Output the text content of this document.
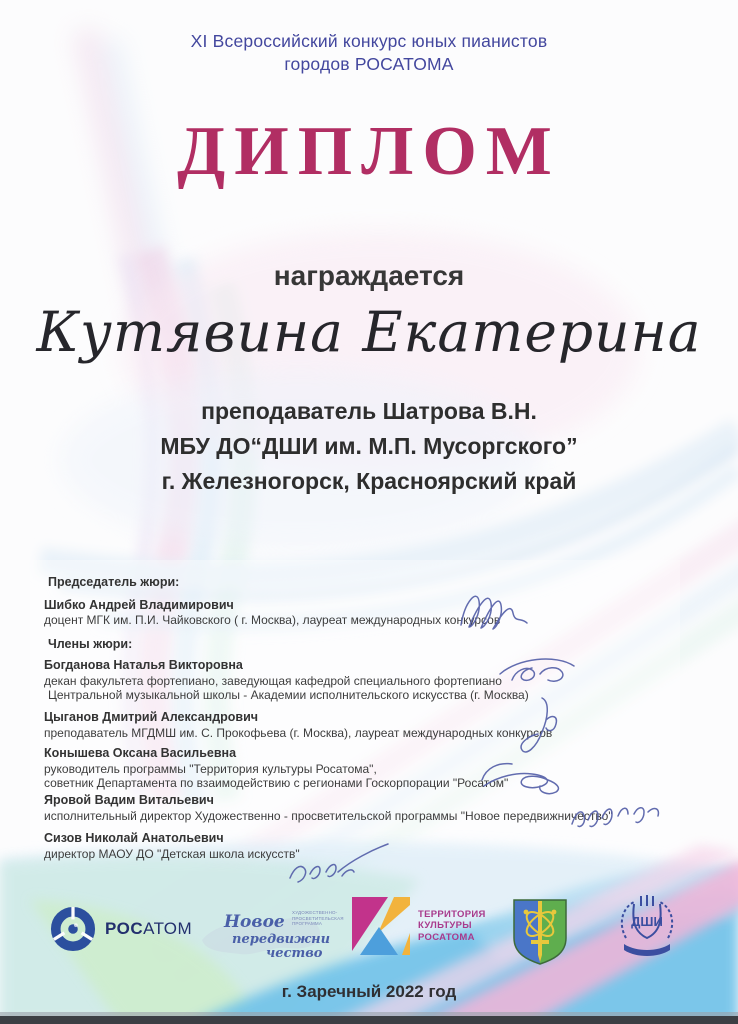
XI Всероссийский конкурс юных пианистов
городов РОСАТОМА
ДИПЛОМ
награждается
Кутявина Екатерина
преподаватель Шатрова В.Н.
МБУ ДО“ДШИ им. М.П. Мусоргского”
г. Железногорск, Красноярский край
Председатель жюри:
Шибко Андрей Владимирович
доцент МГК им. П.И. Чайковского ( г. Москва), лауреат международных конкурсов
Члены жюри:
Богданова Наталья Викторовна
декан факультета фортепиано, заведующая кафедрой специального фортепиано
Центральной музыкальной школы - Академии исполнительского искусства (г. Москва)
Цыганов Дмитрий Александрович
преподаватель МГДМШ им. С. Прокофьева (г. Москва), лауреат международных конкурсов
Конышева Оксана Васильевна
руководитель программы "Территория культуры Росатома",
советник Департамента по взаимодействию с регионами Госкорпорации "Росатом"
Яровой Вадим Витальевич
исполнительный директор Художественно - просветительской программы "Новое передвижничество"
Сизов Николай Анатольевич
директор МАОУ ДО "Детская школа искусств"
РОСАТОМ Новое
передвижни
чество
ХУДОЖЕСТВЕННО-
ПРОСВЕТИТЕЛЬСКАЯ
ПРОГРАММА
ТЕРРИТОРИЯ
КУЛЬТУРЫ
РОСАТОМА
ДШИ
г. Заречный 2022 год
